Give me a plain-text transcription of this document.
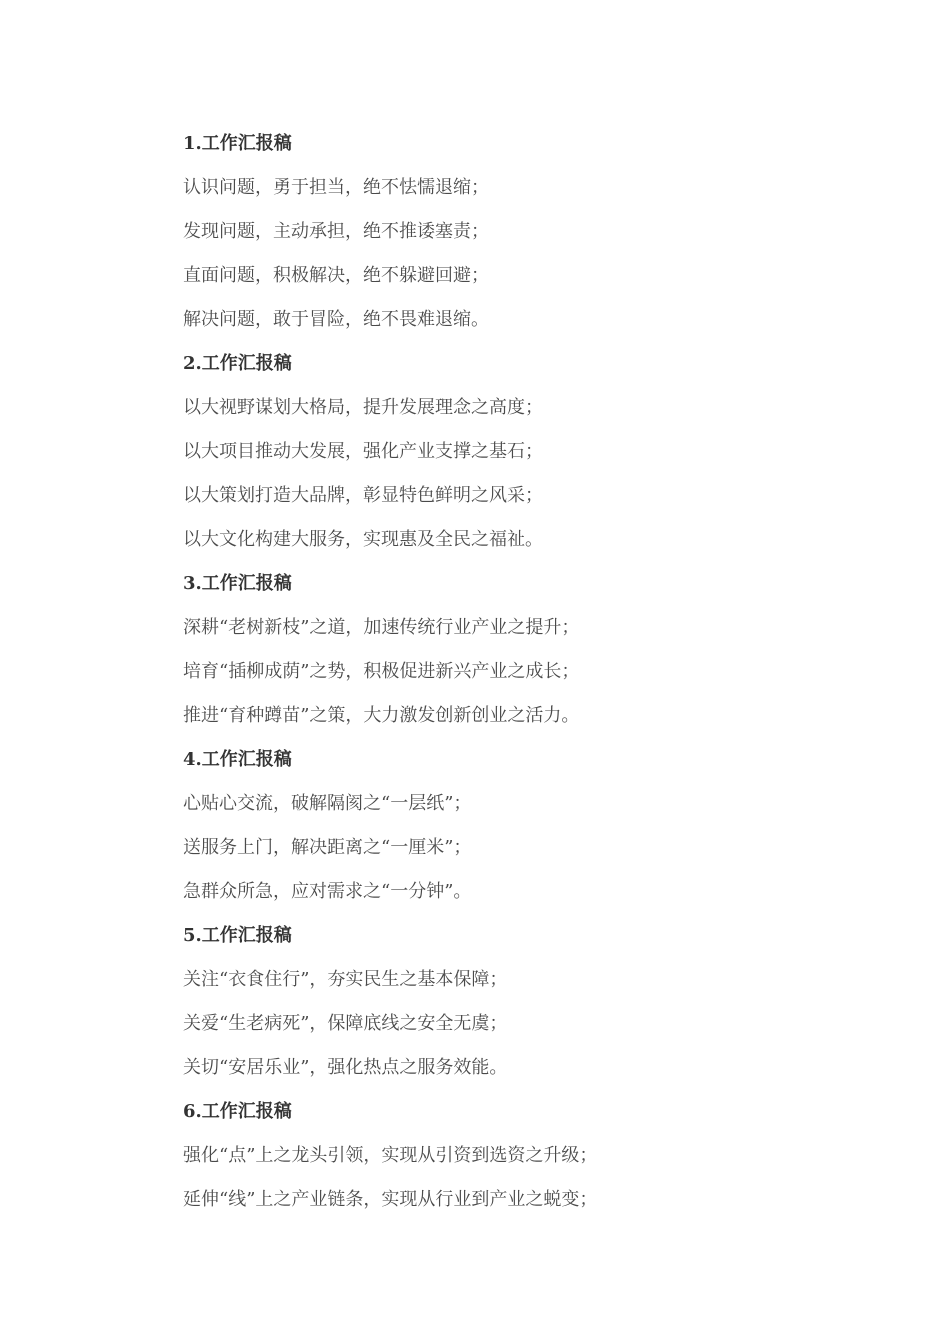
1.工作汇报稿
认识问题，勇于担当，绝不怯懦退缩；
发现问题，主动承担，绝不推诿塞责；
直面问题，积极解决，绝不躲避回避；
解决问题，敢于冒险，绝不畏难退缩。
2.工作汇报稿
以大视野谋划大格局，提升发展理念之高度；
以大项目推动大发展，强化产业支撑之基石；
以大策划打造大品牌，彰显特色鲜明之风采；
以大文化构建大服务，实现惠及全民之福祉。
3.工作汇报稿
深耕“老树新枝”之道，加速传统行业产业之提升；
培育“插柳成荫”之势，积极促进新兴产业之成长；
推进“育种蹲苗”之策，大力激发创新创业之活力。
4.工作汇报稿
心贴心交流，破解隔阂之“一层纸”；
送服务上门，解决距离之“一厘米”；
急群众所急，应对需求之“一分钟”。
5.工作汇报稿
关注“衣食住行”，夯实民生之基本保障；
关爱“生老病死”，保障底线之安全无虞；
关切“安居乐业”，强化热点之服务效能。
6.工作汇报稿
强化“点”上之龙头引领，实现从引资到选资之升级；
延伸“线”上之产业链条，实现从行业到产业之蜕变；
